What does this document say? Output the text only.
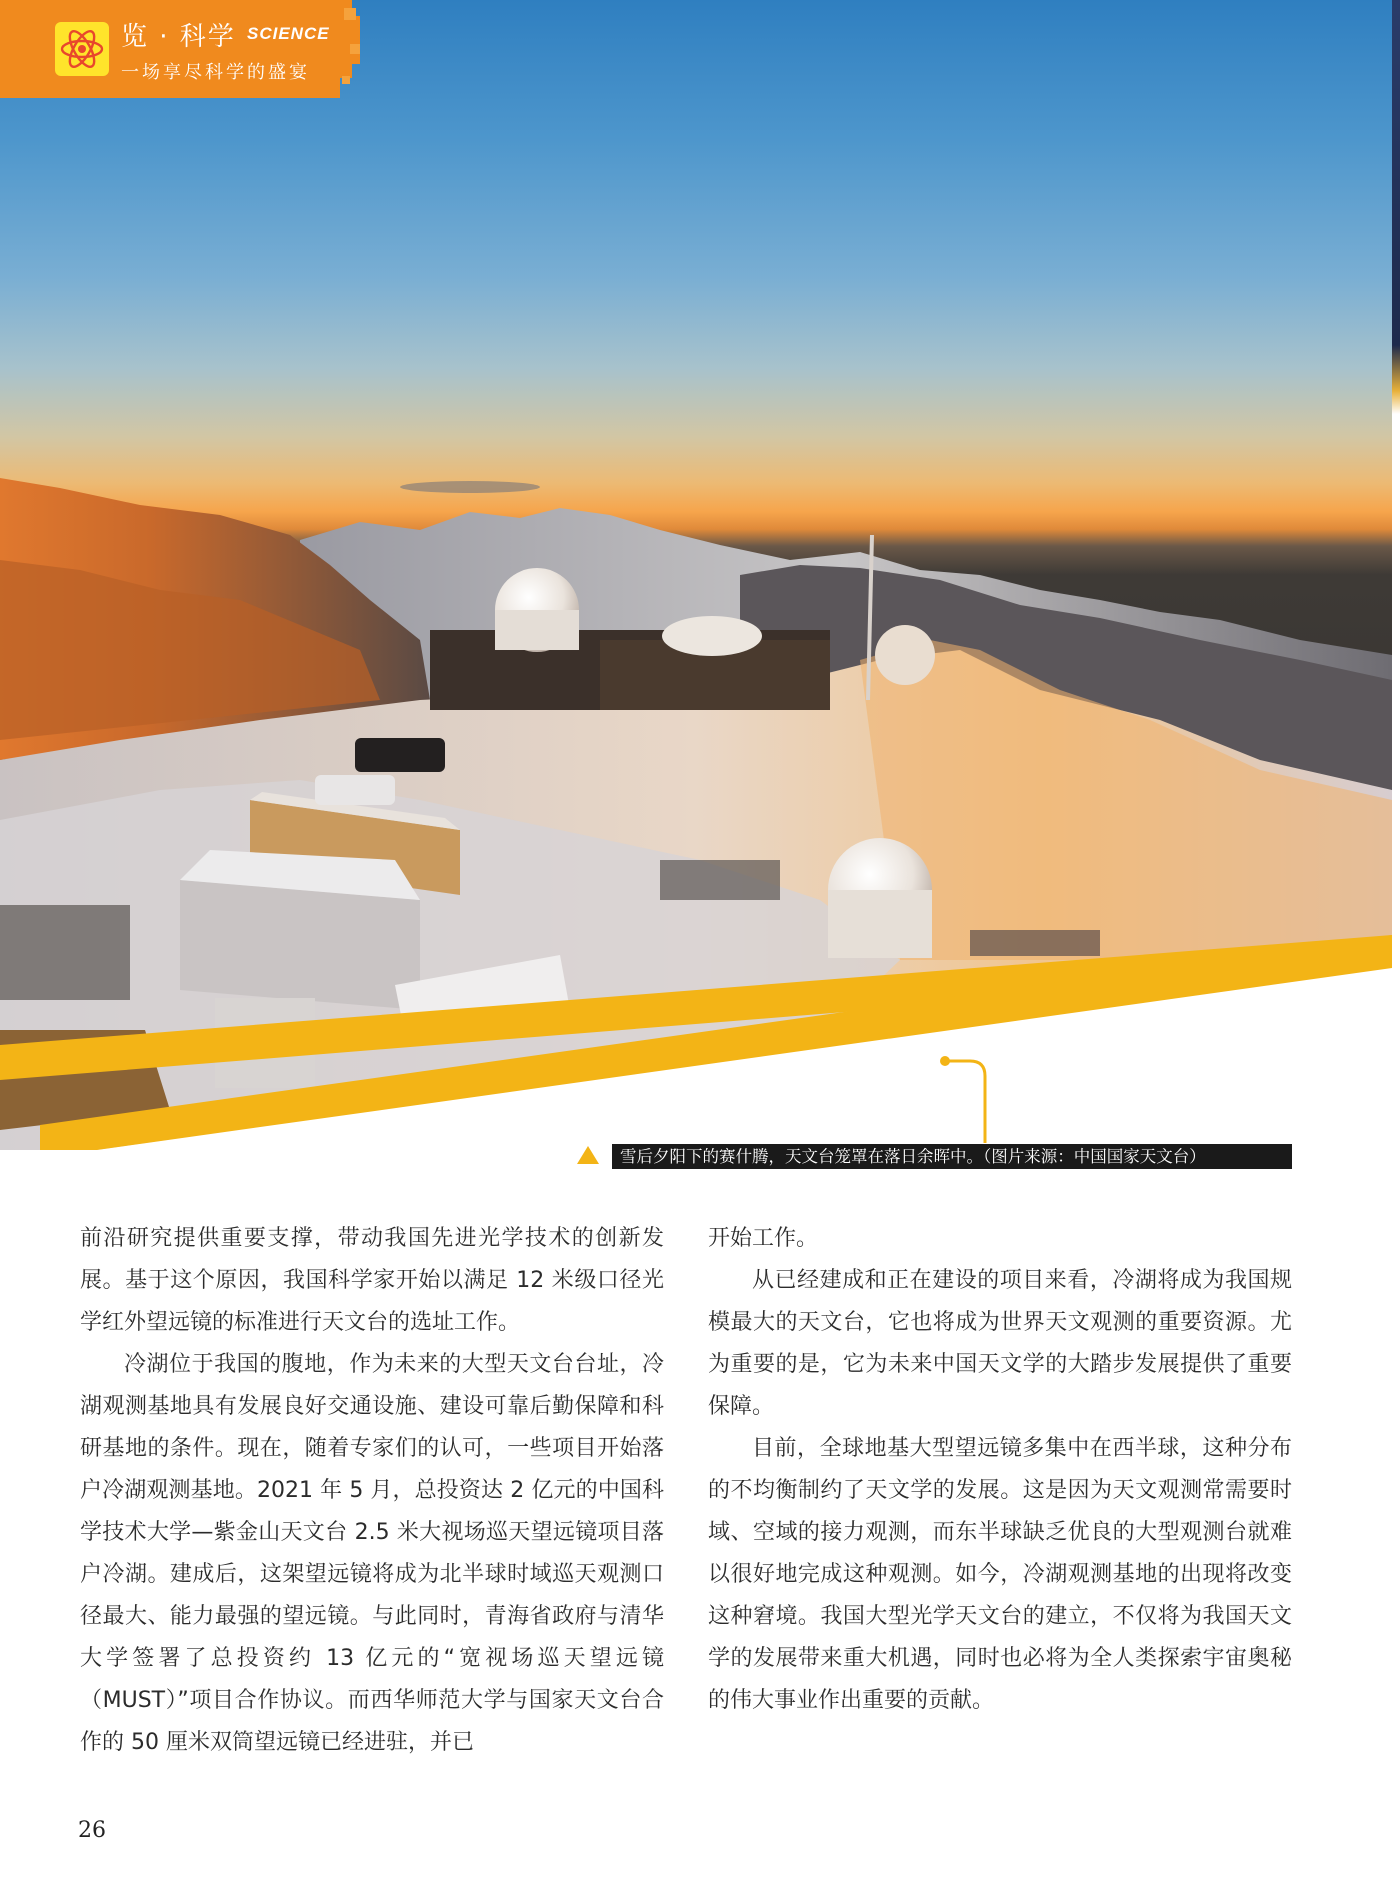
览 · 科学 SCIENCE
一场享尽科学的盛宴
雪后夕阳下的赛什腾，天文台笼罩在落日余晖中。（图片来源：中国国家天文台）

前沿研究提供重要支撑，带动我国先进光学技术的创新发展。基于这个原因，我国科学家开始以满足 12 米级口径光学红外望远镜的标准进行天文台的选址工作。

冷湖位于我国的腹地，作为未来的大型天文台台址，冷湖观测基地具有发展良好交通设施、建设可靠后勤保障和科研基地的条件。现在，随着专家们的认可，一些项目开始落户冷湖观测基地。2021 年 5 月，总投资达 2 亿元的中国科学技术大学—紫金山天文台 2.5 米大视场巡天望远镜项目落户冷湖。建成后，这架望远镜将成为北半球时域巡天观测口径最大、能力最强的望远镜。与此同时，青海省政府与清华大学签署了总投资约 13 亿元的“宽视场巡天望远镜（MUST）”项目合作协议。而西华师范大学与国家天文台合作的 50 厘米双筒望远镜已经进驻，并已

开始工作。

从已经建成和正在建设的项目来看，冷湖将成为我国规模最大的天文台，它也将成为世界天文观测的重要资源。尤为重要的是，它为未来中国天文学的大踏步发展提供了重要保障。

目前，全球地基大型望远镜多集中在西半球，这种分布的不均衡制约了天文学的发展。这是因为天文观测常需要时域、空域的接力观测，而东半球缺乏优良的大型观测台就难以很好地完成这种观测。如今，冷湖观测基地的出现将改变这种窘境。我国大型光学天文台的建立，不仅将为我国天文学的发展带来重大机遇，同时也必将为全人类探索宇宙奥秘的伟大事业作出重要的贡献。

26
